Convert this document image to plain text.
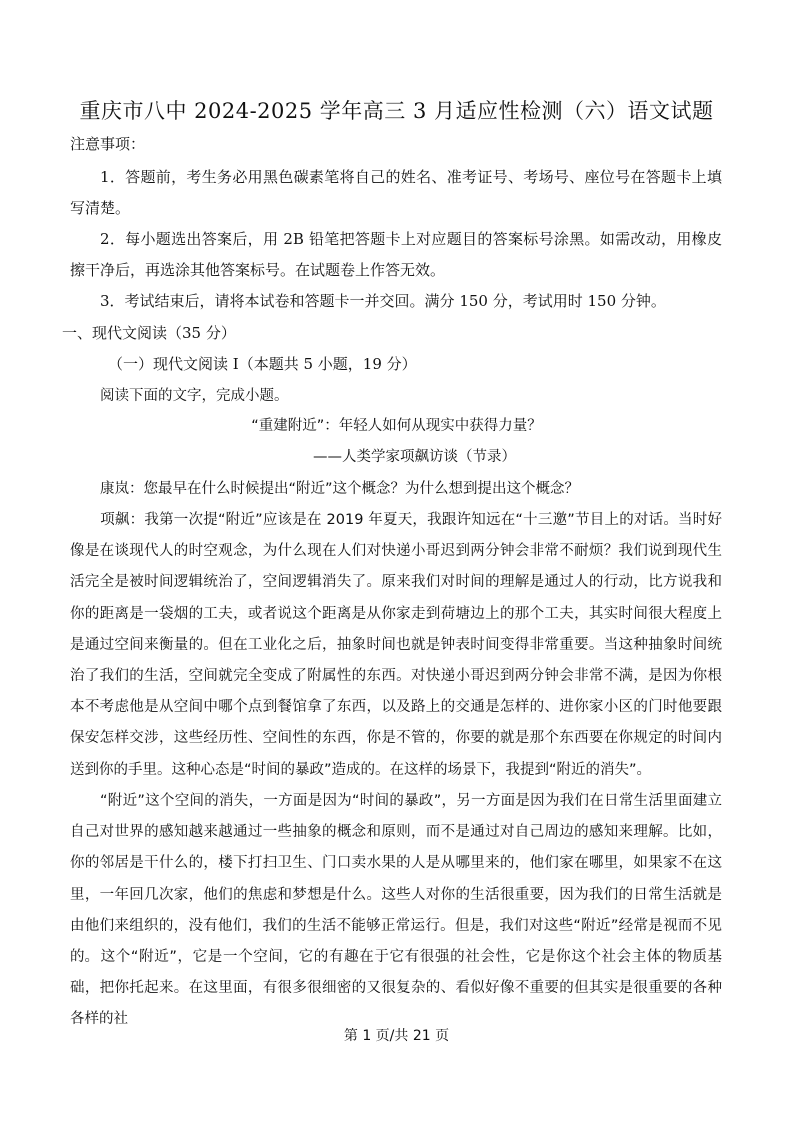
重庆市八中 2024-2025 学年高三 3 月适应性检测（六）语文试题
注意事项：
1．答题前，考生务必用黑色碳素笔将自己的姓名、准考证号、考场号、座位号在答题卡上填写清楚。
2．每小题选出答案后，用 2B 铅笔把答题卡上对应题目的答案标号涂黑。如需改动，用橡皮擦干净后，再选涂其他答案标号。在试题卷上作答无效。
3．考试结束后，请将本试卷和答题卡一并交回。满分 150 分，考试用时 150 分钟。
一、现代文阅读（35 分）
（一）现代文阅读 I（本题共 5 小题，19 分）
阅读下面的文字，完成小题。
“重建附近”：年轻人如何从现实中获得力量？
——人类学家项飙访谈（节录）
康岚：您最早在什么时候提出“附近”这个概念？为什么想到提出这个概念？
项飙：我第一次提“附近”应该是在 2019 年夏天，我跟许知远在“十三邀”节目上的对话。当时好像是在谈现代人的时空观念，为什么现在人们对快递小哥迟到两分钟会非常不耐烦？我们说到现代生活完全是被时间逻辑统治了，空间逻辑消失了。原来我们对时间的理解是通过人的行动，比方说我和你的距离是一袋烟的工夫，或者说这个距离是从你家走到荷塘边上的那个工夫，其实时间很大程度上是通过空间来衡量的。但在工业化之后，抽象时间也就是钟表时间变得非常重要。当这种抽象时间统治了我们的生活，空间就完全变成了附属性的东西。对快递小哥迟到两分钟会非常不满，是因为你根本不考虑他是从空间中哪个点到餐馆拿了东西，以及路上的交通是怎样的、进你家小区的门时他要跟保安怎样交涉，这些经历性、空间性的东西，你是不管的，你要的就是那个东西要在你规定的时间内送到你的手里。这种心态是“时间的暴政”造成的。在这样的场景下，我提到“附近的消失”。
“附近”这个空间的消失，一方面是因为“时间的暴政”，另一方面是因为我们在日常生活里面建立自己对世界的感知越来越通过一些抽象的概念和原则，而不是通过对自己周边的感知来理解。比如，你的邻居是干什么的，楼下打扫卫生、门口卖水果的人是从哪里来的，他们家在哪里，如果家不在这里，一年回几次家，他们的焦虑和梦想是什么。这些人对你的生活很重要，因为我们的日常生活就是由他们来组织的，没有他们，我们的生活不能够正常运行。但是，我们对这些“附近”经常是视而不见的。 这个“附近”，它是一个空间，它的有趣在于它有很强的社会性，它是你这个社会主体的物质基础，把你托起来。在这里面，有很多很细密的又很复杂的、看似好像不重要的但其实是很重要的各种各样的社
第 1 页/共 21 页
